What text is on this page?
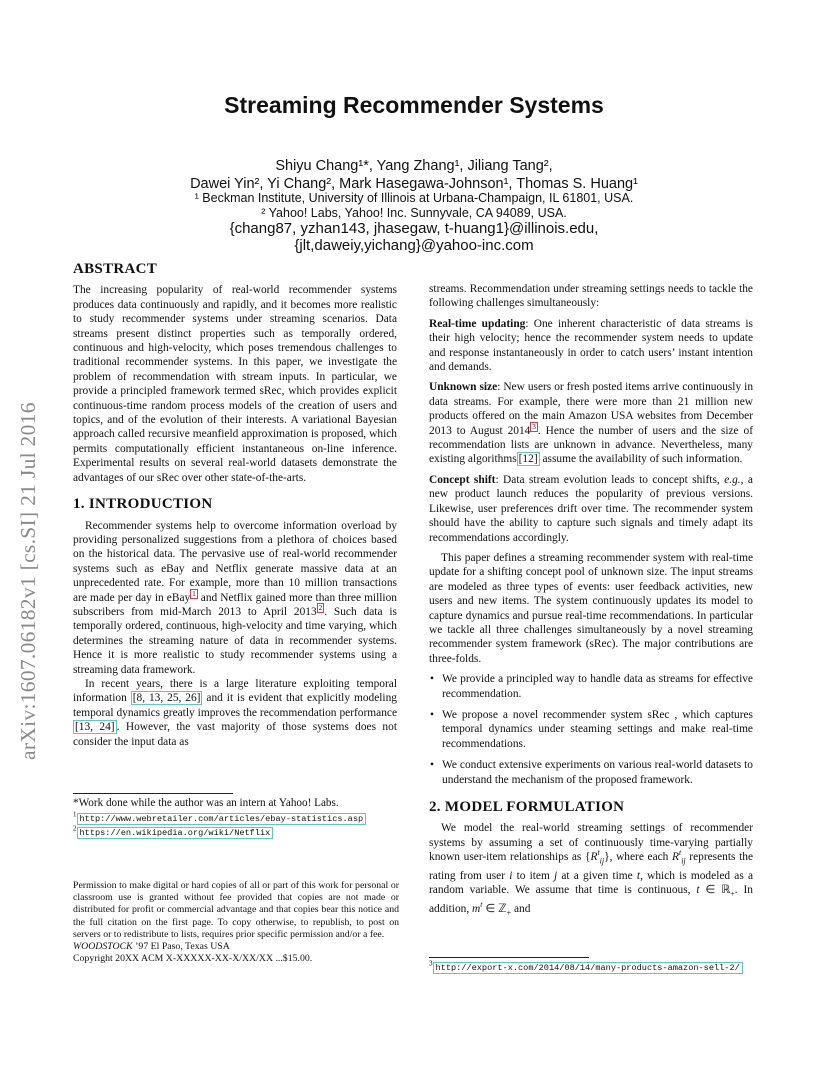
arXiv:1607.06182v1 [cs.SI] 21 Jul 2016
Streaming Recommender Systems
Shiyu Chang¹*, Yang Zhang¹, Jiliang Tang²,
Dawei Yin², Yi Chang², Mark Hasegawa-Johnson¹, Thomas S. Huang¹
¹ Beckman Institute, University of Illinois at Urbana-Champaign, IL 61801, USA.
² Yahoo! Labs, Yahoo! Inc. Sunnyvale, CA 94089, USA.
{chang87, yzhan143, jhasegaw, t-huang1}@illinois.edu,
{jlt,daweiy,yichang}@yahoo-inc.com
ABSTRACT

The increasing popularity of real-world recommender systems produces data continuously and rapidly, and it becomes more realistic to study recommender systems under streaming scenarios. Data streams present distinct properties such as temporally ordered, continuous and high-velocity, which poses tremendous challenges to traditional recommender systems. In this paper, we investigate the problem of recommendation with stream inputs. In particular, we provide a principled framework termed sRec, which provides explicit continuous-time random process models of the creation of users and topics, and of the evolution of their interests. A variational Bayesian approach called recursive meanfield approximation is proposed, which permits computationally efficient instantaneous on-line inference. Experimental results on several real-world datasets demonstrate the advantages of our sRec over other state-of-the-arts.

1. INTRODUCTION

Recommender systems help to overcome information overload by providing personalized suggestions from a plethora of choices based on the historical data. The pervasive use of real-world recommender systems such as eBay and Netflix generate massive data at an unprecedented rate. For example, more than 10 million transactions are made per day in eBay $^1$ and Netflix gained more than three million subscribers from mid-March 2013 to April 2013 $^2$ . Such data is temporally ordered, continuous, high-velocity and time varying, which determines the streaming nature of data in recommender systems. Hence it is more realistic to study recommender systems using a streaming data framework.

In recent years, there is a large literature exploiting temporal information [8, 13, 25, 26] and it is evident that explicitly modeling temporal dynamics greatly improves the recommendation performance [13, 24] . However, the vast majority of those systems does not consider the input data as

*Work done while the author was an intern at Yahoo! Labs.
$^1$ http://www.webretailer.com/articles/ebay-statistics.asp
$^2$ https://en.wikipedia.org/wiki/Netflix
Permission to make digital or hard copies of all or part of this work for personal or classroom use is granted without fee provided that copies are not made or distributed for profit or commercial advantage and that copies bear this notice and the full citation on the first page. To copy otherwise, to republish, to post on servers or to redistribute to lists, requires prior specific permission and/or a fee.
WOODSTOCK ’97 El Paso, Texas USA
Copyright 20XX ACM X-XXXXX-XX-X/XX/XX ...$15.00.

streams. Recommendation under streaming settings needs to tackle the following challenges simultaneously:

Real-time updating: One inherent characteristic of data streams is their high velocity; hence the recommender system needs to update and response instantaneously in order to catch users’ instant intention and demands.

Unknown size: New users or fresh posted items arrive continuously in data streams. For example, there were more than 21 million new products offered on the main Amazon USA websites from December 2013 to August 2014 $^3$ . Hence the number of users and the size of recommendation lists are unknown in advance. Nevertheless, many existing algorithms [12] assume the availability of such information.

Concept shift: Data stream evolution leads to concept shifts, e.g., a new product launch reduces the popularity of previous versions. Likewise, user preferences drift over time. The recommender system should have the ability to capture such signals and timely adapt its recommendations accordingly.

This paper defines a streaming recommender system with real-time update for a shifting concept pool of unknown size. The input streams are modeled as three types of events: user feedback activities, new users and new items. The system continuously updates its model to capture dynamics and pursue real-time recommendations. In particular we tackle all three challenges simultaneously by a novel streaming recommender system framework (sRec). The major contributions are three-folds.

• We provide a principled way to handle data as streams for effective recommendation.
• We propose a novel recommender system sRec , which captures temporal dynamics under steaming settings and make real-time recommendations.
• We conduct extensive experiments on various real-world datasets to understand the mechanism of the proposed framework.
2. MODEL FORMULATION

We model the real-world streaming settings of recommender systems by assuming a set of continuously time-varying partially known user-item relationships as $\{R^t_{ij}\}$, where each $R^t_{ij}$ represents the rating from user i to item j at a given time t, which is modeled as a random variable. We assume that time is continuous, t ∈ ℝ$_+$. In addition, $m^t$ ∈ ℤ$_+$ and

$^3$ http://export-x.com/2014/08/14/many-products-amazon-sell-2/
